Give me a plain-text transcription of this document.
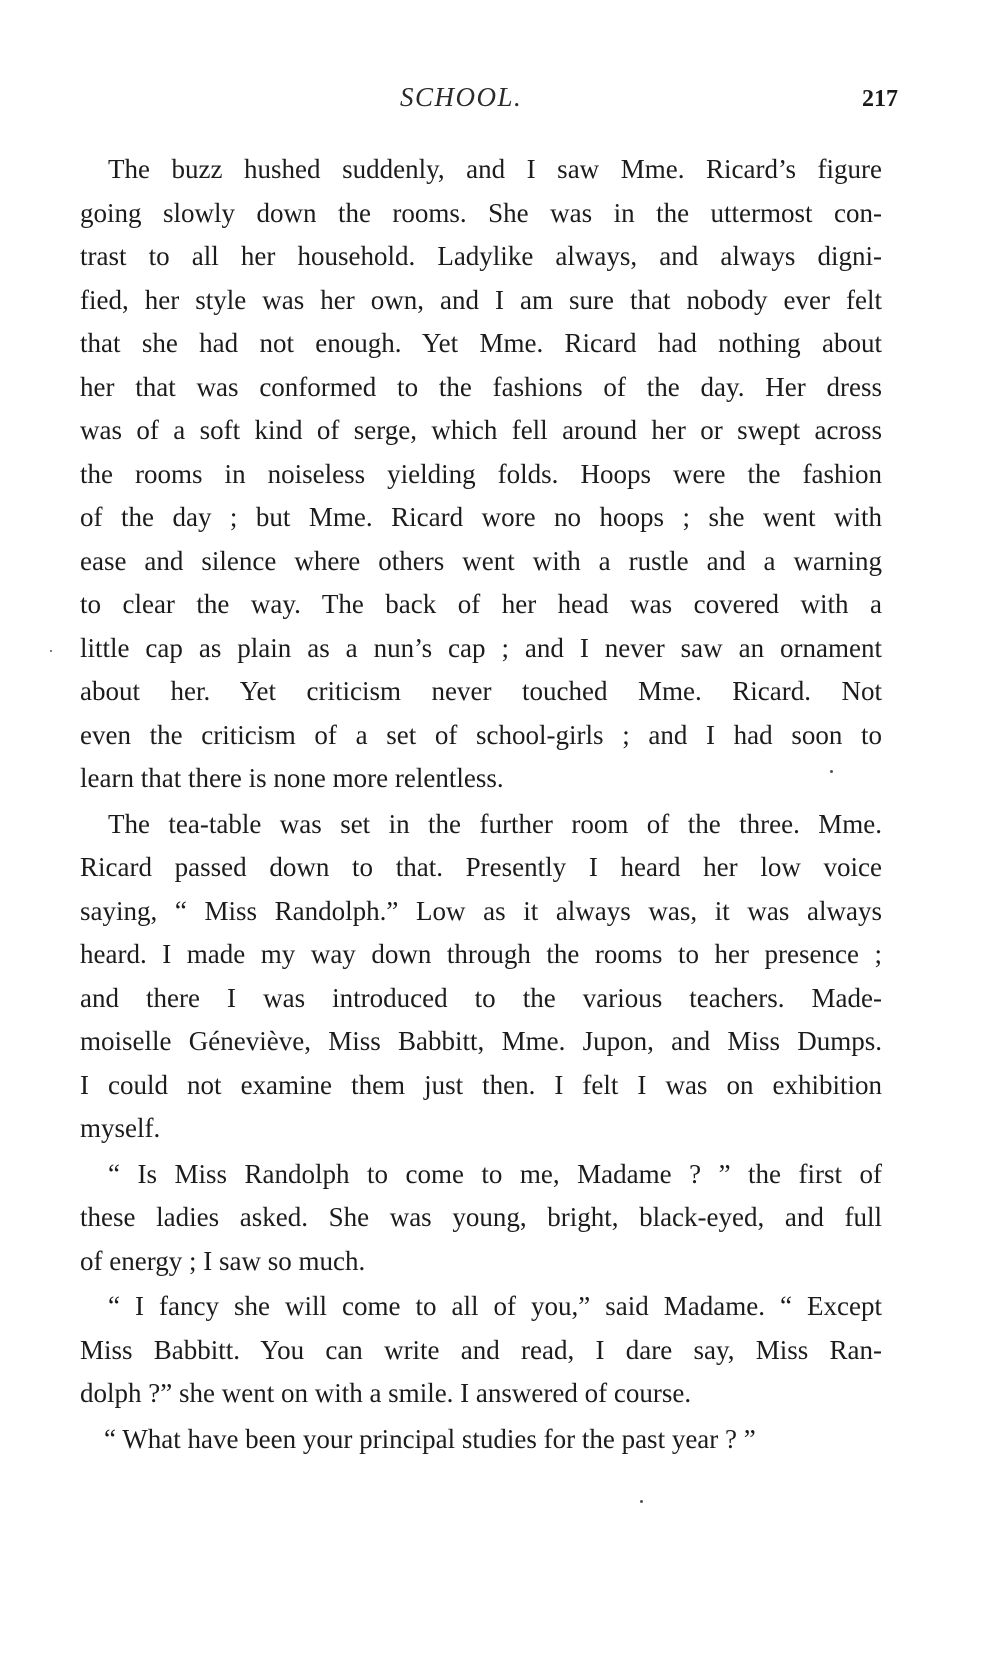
SCHOOL.	217
The buzz hushed suddenly, and I saw Mme. Ricard’s figure
going slowly down the rooms. She was in the uttermost con-
trast to all her household. Ladylike always, and always digni-
fied, her style was her own, and I am sure that nobody ever felt
that she had not enough. Yet Mme. Ricard had nothing about
her that was conformed to the fashions of the day. Her dress
was of a soft kind of serge, which fell around her or swept across
the rooms in noiseless yielding folds. Hoops were the fashion
of the day ; but Mme. Ricard wore no hoops ; she went with
ease and silence where others went with a rustle and a warning
to clear the way. The back of her head was covered with a
little cap as plain as a nun’s cap ; and I never saw an ornament
about her. Yet criticism never touched Mme. Ricard. Not
even the criticism of a set of school-girls ; and I had soon to
learn that there is none more relentless.
The tea-table was set in the further room of the three. Mme.
Ricard passed down to that. Presently I heard her low voice
saying, “ Miss Randolph.” Low as it always was, it was always
heard. I made my way down through the rooms to her presence ;
and there I was introduced to the various teachers. Made-
moiselle Géneviève, Miss Babbitt, Mme. Jupon, and Miss Dumps.
I could not examine them just then. I felt I was on exhibition
myself.
“ Is Miss Randolph to come to me, Madame ? ” the first of
these ladies asked. She was young, bright, black-eyed, and full
of energy ; I saw so much.
“ I fancy she will come to all of you,” said Madame. “ Except
Miss Babbitt. You can write and read, I dare say, Miss Ran-
dolph ?” she went on with a smile. I answered of course.
“ What have been your principal studies for the past year ? ”
